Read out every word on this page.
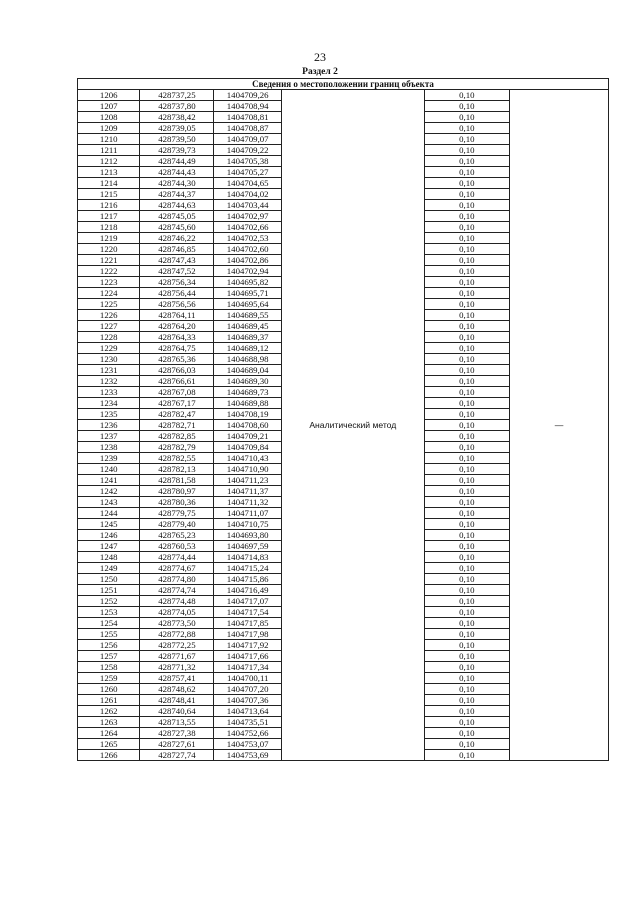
23
Раздел 2
Сведения о местоположении границ объекта					
1206	428737,25	1404709,26	Аналитический метод	0,10	—
1207	428737,80	1404708,94		0,10	
1208	428738,42	1404708,81		0,10	
1209	428739,05	1404708,87		0,10	
1210	428739,50	1404709,07		0,10	
1211	428739,73	1404709,22		0,10	
1212	428744,49	1404705,38		0,10	
1213	428744,43	1404705,27		0,10	
1214	428744,30	1404704,65		0,10	
1215	428744,37	1404704,02		0,10	
1216	428744,63	1404703,44		0,10	
1217	428745,05	1404702,97		0,10	
1218	428745,60	1404702,66		0,10	
1219	428746,22	1404702,53		0,10	
1220	428746,85	1404702,60		0,10	
1221	428747,43	1404702,86		0,10	
1222	428747,52	1404702,94		0,10	
1223	428756,34	1404695,82		0,10	
1224	428756,44	1404695,71		0,10	
1225	428756,56	1404695,64		0,10	
1226	428764,11	1404689,55		0,10	
1227	428764,20	1404689,45		0,10	
1228	428764,33	1404689,37		0,10	
1229	428764,75	1404689,12		0,10	
1230	428765,36	1404688,98		0,10	
1231	428766,03	1404689,04		0,10	
1232	428766,61	1404689,30		0,10	
1233	428767,08	1404689,73		0,10	
1234	428767,17	1404689,88		0,10	
1235	428782,47	1404708,19		0,10	
1236	428782,71	1404708,60		0,10	
1237	428782,85	1404709,21		0,10	
1238	428782,79	1404709,84		0,10	
1239	428782,55	1404710,43		0,10	
1240	428782,13	1404710,90		0,10	
1241	428781,58	1404711,23		0,10	
1242	428780,97	1404711,37		0,10	
1243	428780,36	1404711,32		0,10	
1244	428779,75	1404711,07		0,10	
1245	428779,40	1404710,75		0,10	
1246	428765,23	1404693,80		0,10	
1247	428760,53	1404697,59		0,10	
1248	428774,44	1404714,83		0,10	
1249	428774,67	1404715,24		0,10	
1250	428774,80	1404715,86		0,10	
1251	428774,74	1404716,49		0,10	
1252	428774,48	1404717,07		0,10	
1253	428774,05	1404717,54		0,10	
1254	428773,50	1404717,85		0,10	
1255	428772,88	1404717,98		0,10	
1256	428772,25	1404717,92		0,10	
1257	428771,67	1404717,66		0,10	
1258	428771,32	1404717,34		0,10	
1259	428757,41	1404700,11		0,10	
1260	428748,62	1404707,20		0,10	
1261	428748,41	1404707,36		0,10	
1262	428740,64	1404713,64		0,10	
1263	428713,55	1404735,51		0,10	
1264	428727,38	1404752,66		0,10	
1265	428727,61	1404753,07		0,10	
1266	428727,74	1404753,69		0,10	
